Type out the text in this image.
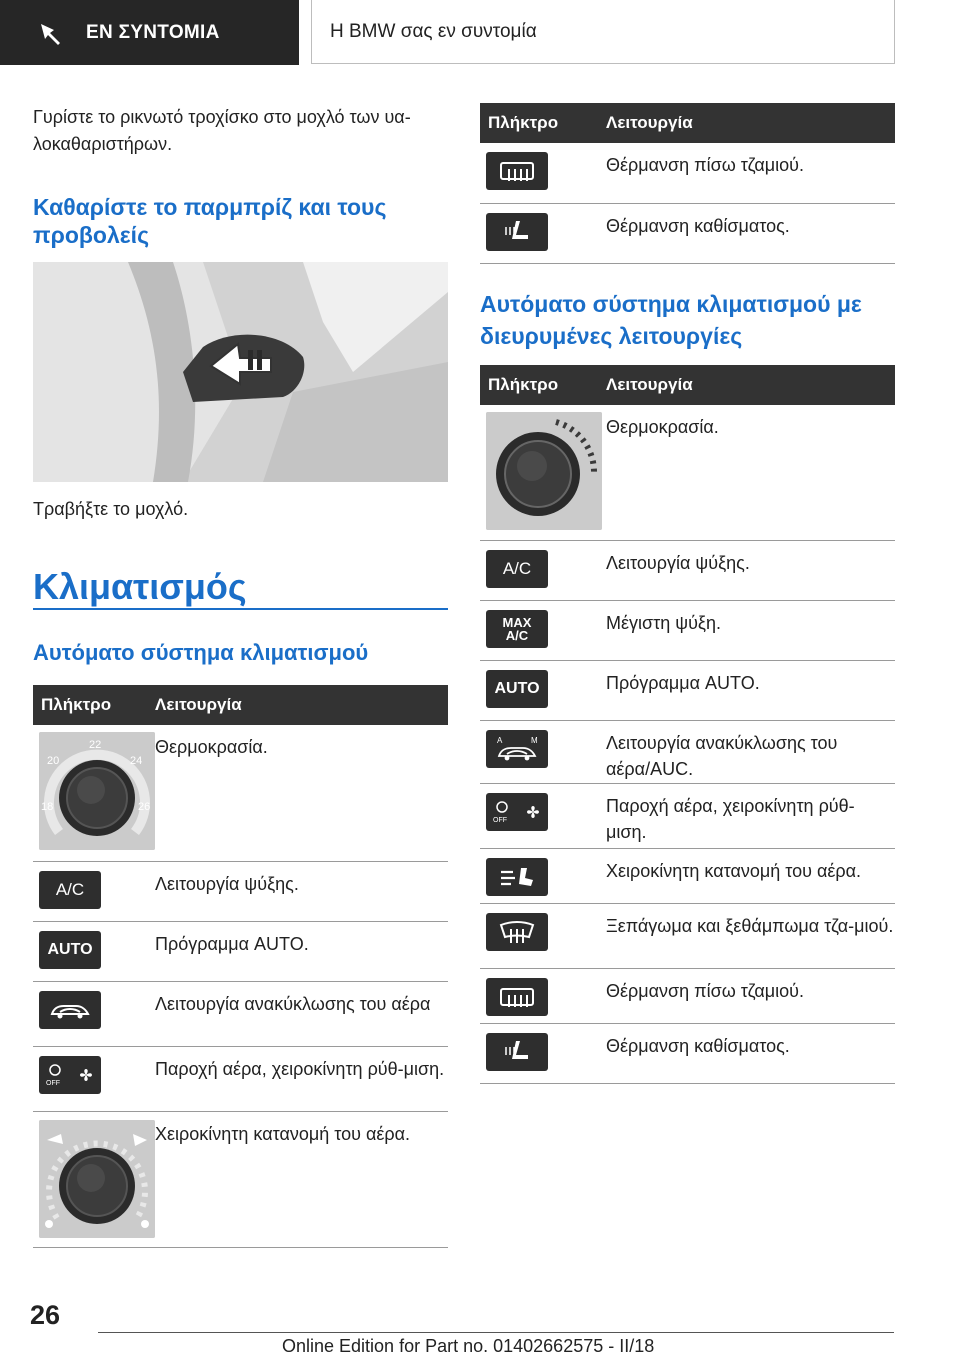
ΕΝ ΣΥΝΤΟΜΙΑ	Η BMW σας εν συντομία

Γυρίστε το ρικνωτό τροχίσκο στο μοχλό των υα-λοκαθαριστήρων.

Καθαρίστε το παρμπρίζ και τους προβολείς

Τραβήξτε το μοχλό.

Κλιματισμός
Αυτόματο σύστημα κλιματισμού
Πλήκτρο	Λειτουργία

20
22
24
18 26	Θερμοκρασία.

A/C	Λειτουργία ψύξης.

AUTO	Πρόγραμμα AUTO.

	Λειτουργία ανακύκλωσης του αέρα

OFF	Παροχή αέρα, χειροκίνητη ρύθ-μιση.

	Χειροκίνητη κατανομή του αέρα.
Πλήκτρο	Λειτουργία

	Θέρμανση πίσω τζαμιού.

	Θέρμανση καθίσματος.
Αυτόματο σύστημα κλιματισμού με διευρυμένες λειτουργίες
Πλήκτρο	Λειτουργία

	Θερμοκρασία.

A/C	Λειτουργία ψύξης.

MAX
A/C	Μέγιστη ψύξη.

AUTO	Πρόγραμμα AUTO.

A M	Λειτουργία ανακύκλωσης του αέρα/AUC.

OFF	Παροχή αέρα, χειροκίνητη ρύθ-μιση.

	Χειροκίνητη κατανομή του αέρα.

	Ξεπάγωμα και ξεθάμπωμα τζα-μιού.

	Θέρμανση πίσω τζαμιού.

	Θέρμανση καθίσματος.
26
Online Edition for Part no. 01402662575 - II/18
